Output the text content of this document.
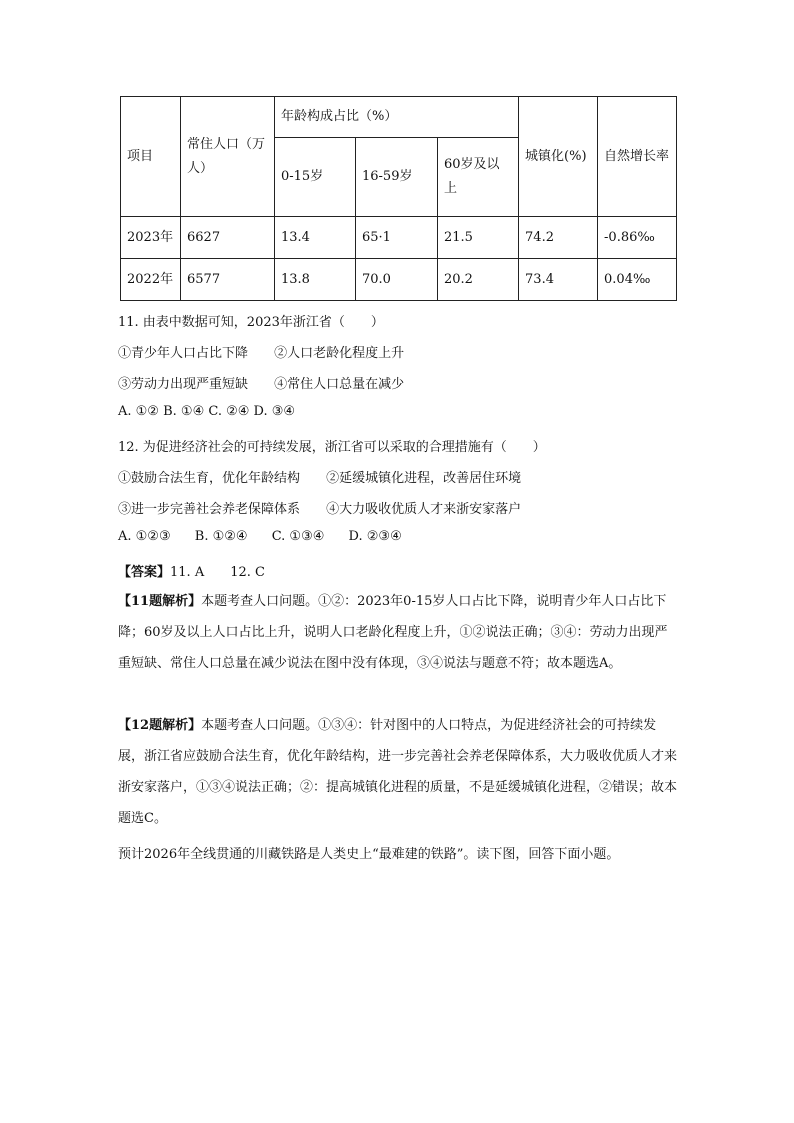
项目	常住人口（万人）	年龄构成占比（%）			城镇化(%)	自然增长率
		0-15岁	16-59岁	60岁及以上		
2023年	6627	13.4	65·1	21.5	74.2	-0.86‰
2022年	6577	13.8	70.0	20.2	73.4	0.04‰
11. 由表中数据可知，2023年浙江省（　　）
①青少年人口占比下降 ②人口老龄化程度上升
③劳动力出现严重短缺 ④常住人口总量在减少
A. ①② B. ①④ C. ②④ D. ③④
12. 为促进经济社会的可持续发展，浙江省可以采取的合理措施有（　　）
①鼓励合法生育，优化年龄结构 ②延缓城镇化进程，改善居住环境
③进一步完善社会养老保障体系 ④大力吸收优质人才来浙安家落户
A. ①②③ B. ①②④ C. ①③④ D. ②③④
【答案】11. A　　12. C
【11题解析】本题考查人口问题。①②：2023年0-15岁人口占比下降，说明青少年人口占比下降；60岁及以上人口占比上升，说明人口老龄化程度上升，①②说法正确；③④：劳动力出现严重短缺、常住人口总量在减少说法在图中没有体现，③④说法与题意不符；故本题选A。
【12题解析】本题考查人口问题。①③④：针对图中的人口特点，为促进经济社会的可持续发展，浙江省应鼓励合法生育，优化年龄结构，进一步完善社会养老保障体系，大力吸收优质人才来浙安家落户，①③④说法正确；②：提高城镇化进程的质量，不是延缓城镇化进程，②错误；故本题选C。
预计2026年全线贯通的川藏铁路是人类史上“最难建的铁路”。读下图，回答下面小题。
